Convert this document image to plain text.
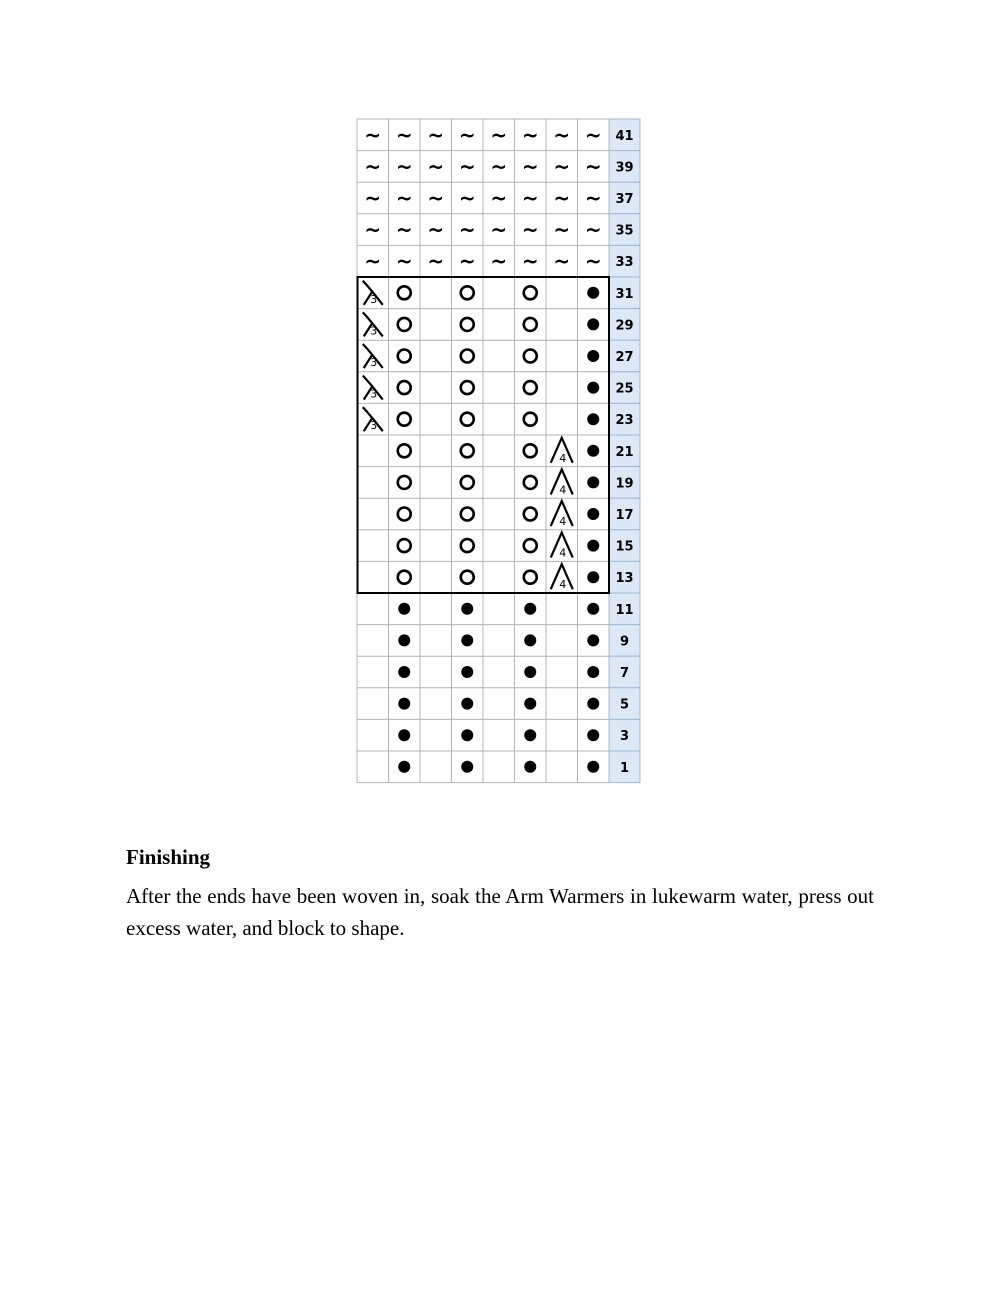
41
39
37
35
33
31
29
27
25
23
21
19
17
15
13
11
9
7
5
3
1
~ ~ ~ ~ ~ ~ ~ ~
~ ~ ~ ~ ~ ~ ~ ~
~ ~ ~ ~ ~ ~ ~ ~
~ ~ ~ ~ ~ ~ ~ ~
~ ~ ~ ~ ~ ~ ~ ~
3
3
3
3
3
4
4
4
4
4
Finishing
After the ends have been woven in, soak the Arm Warmers in lukewarm water, press out excess water, and block to shape.
